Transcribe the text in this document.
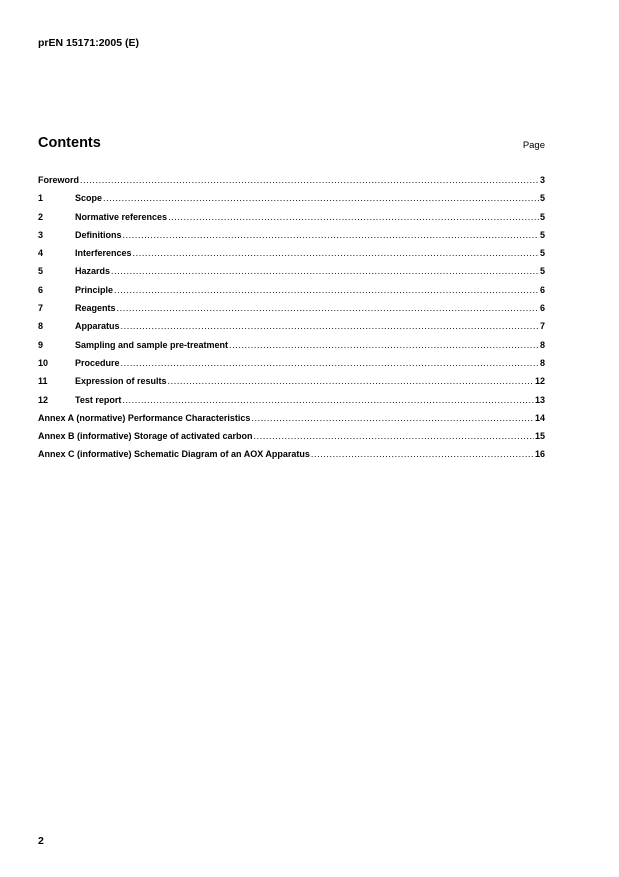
prEN 15171:2005 (E)
Contents	Page
Foreword .....	3
1	Scope .....	5
2	Normative references .....	5
3	Definitions .....	5
4	Interferences .....	5
5	Hazards .....	5
6	Principle .....	6
7	Reagents .....	6
8	Apparatus .....	7
9	Sampling and sample pre-treatment .....	8
10	Procedure .....	8
11	Expression of results .....	12
12	Test report .....	13
Annex A (normative) Performance Characteristics .....	14
Annex B (informative) Storage of activated carbon .....	15
Annex C (informative) Schematic Diagram of an AOX Apparatus .....	16
2
